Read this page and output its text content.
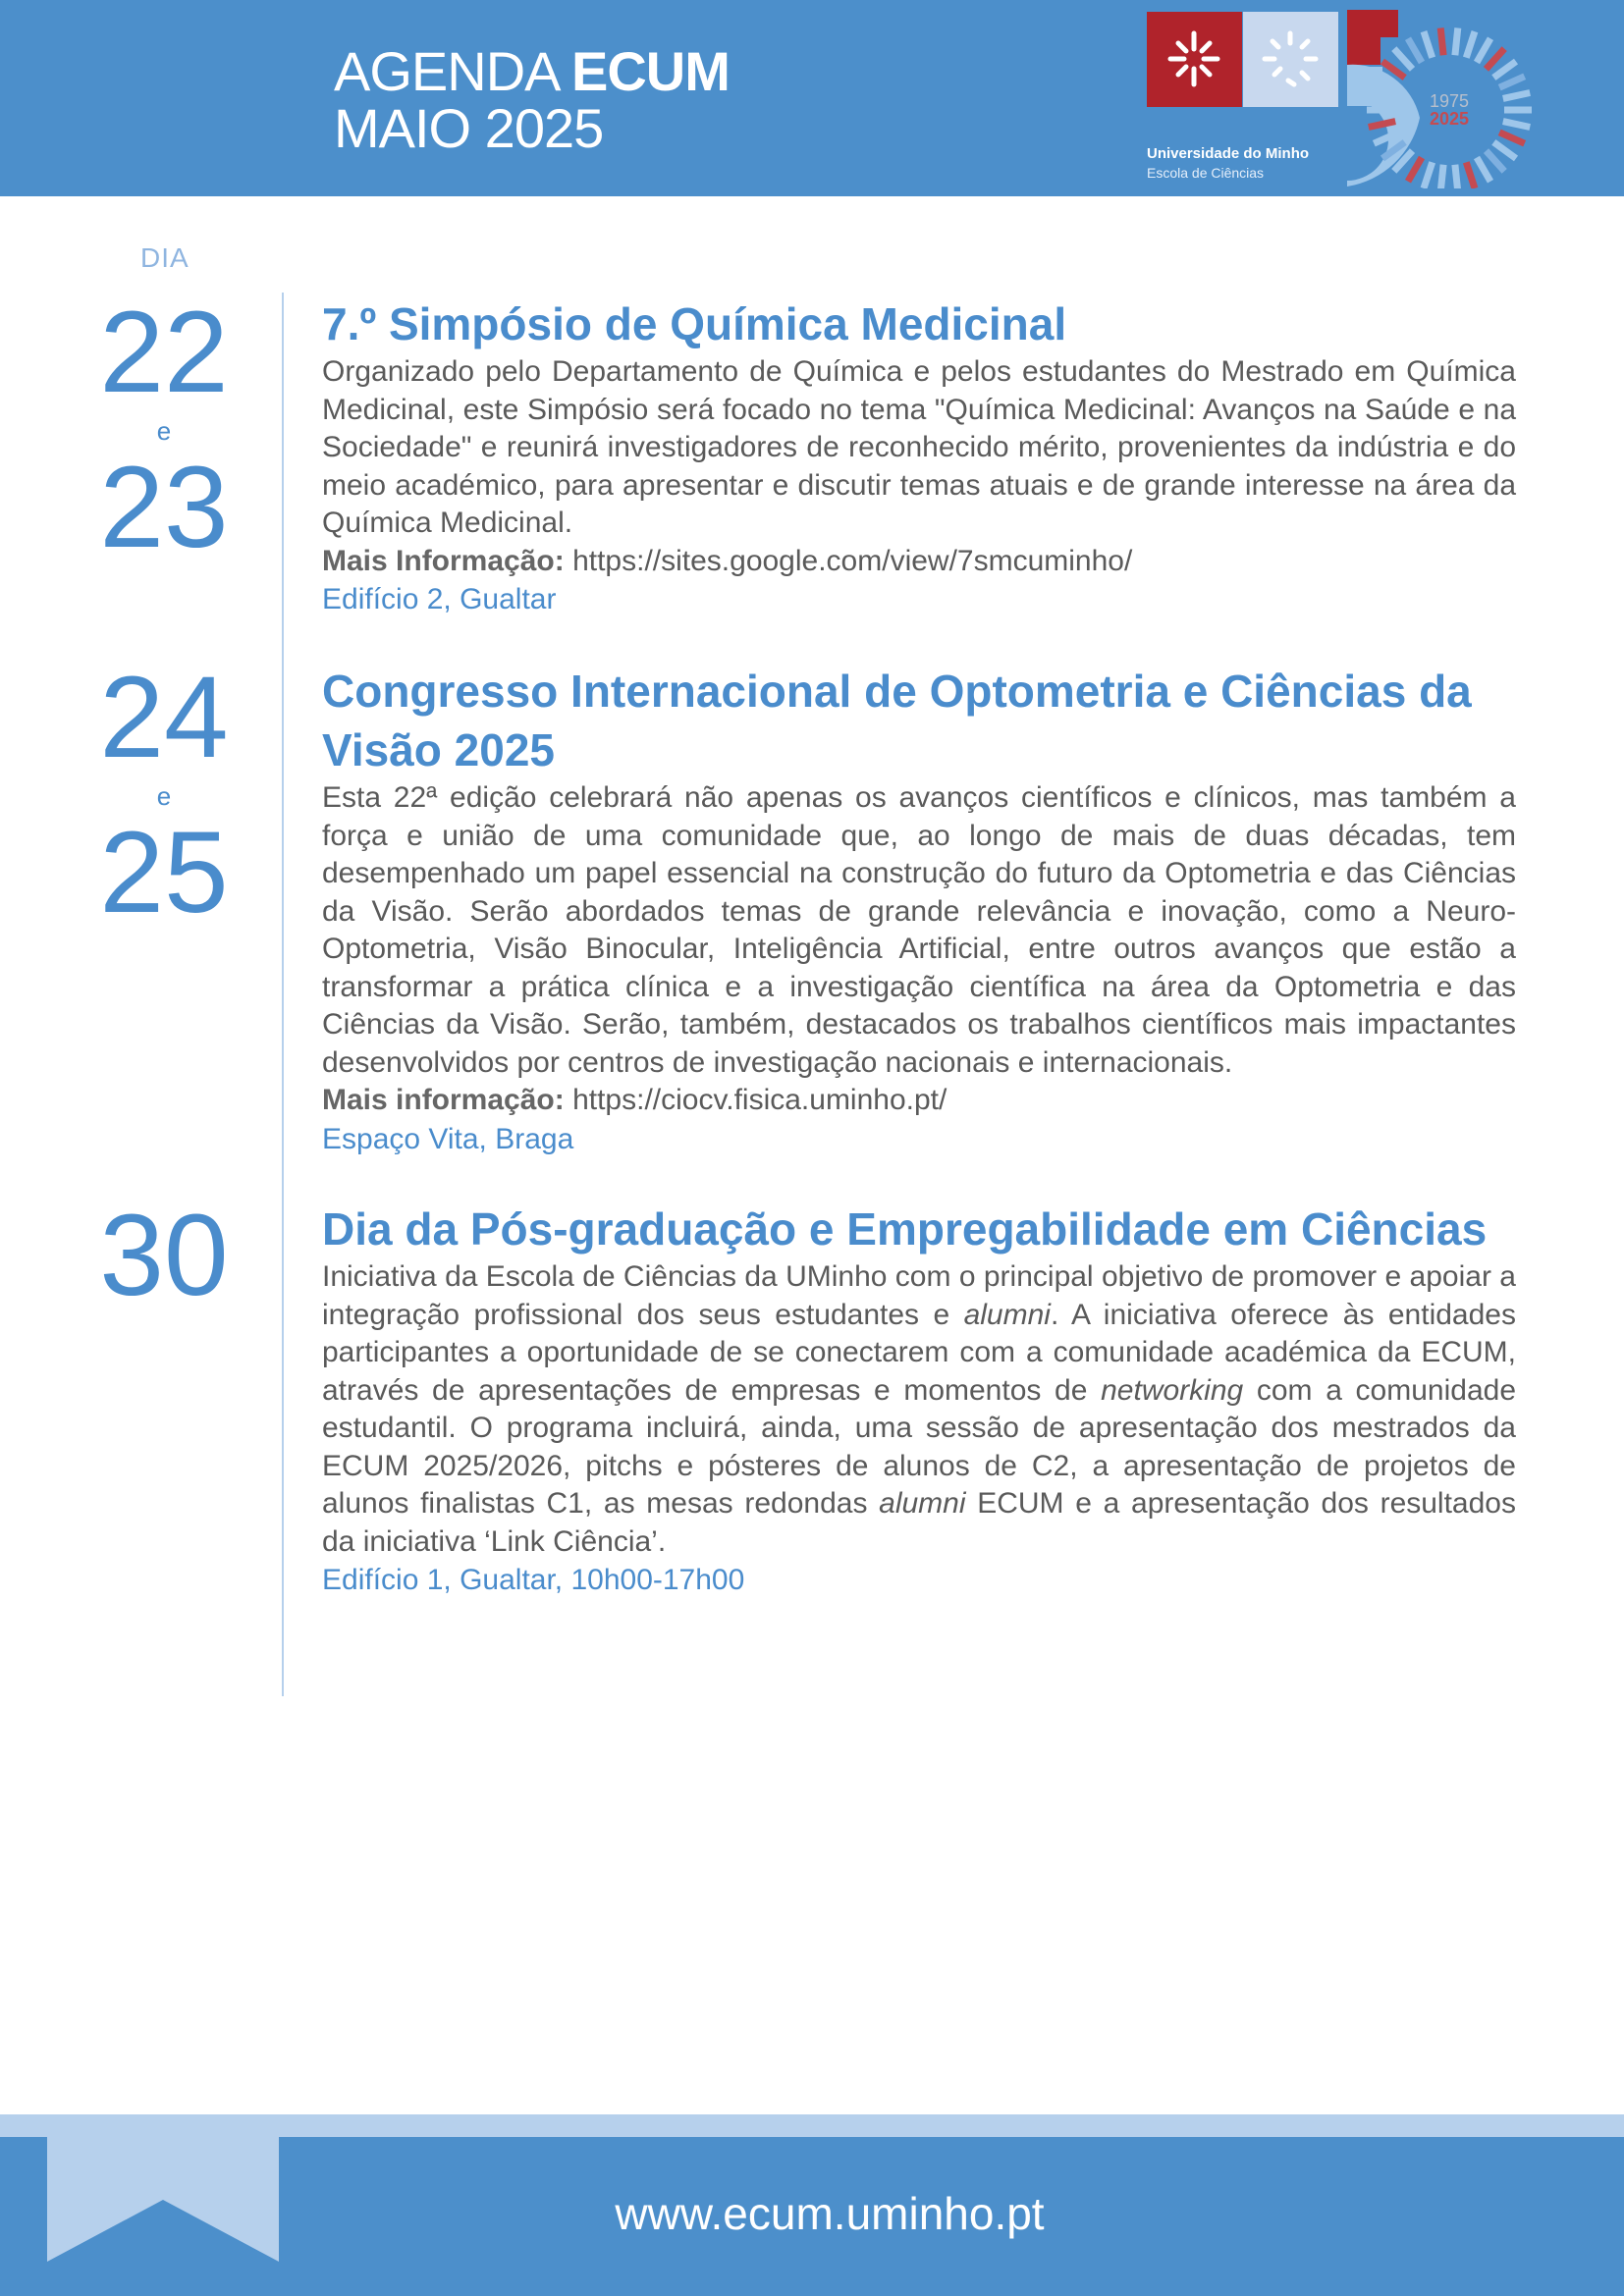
AGENDA ECUM
MAIO 2025	Universidade do Minho
Escola de Ciências
1975
2025
DIA
22
e
23
7.º Simpósio de Química Medicinal
Organizado pelo Departamento de Química e pelos estudantes do Mestrado em Química Medicinal, este Simpósio será focado no tema "Química Medicinal: Avanços na Saúde e na Sociedade" e reunirá investigadores de reconhecido mérito, provenientes da indústria e do meio académico, para apresentar e discutir temas atuais e de grande interesse na área da Química Medicinal.
Mais Informação: https://sites.google.com/view/7smcuminho/
Edifício 2, Gualtar
24
e
25
Congresso Internacional de Optometria e Ciências da Visão 2025
Esta 22ª edição celebrará não apenas os avanços científicos e clínicos, mas também a força e união de uma comunidade que, ao longo de mais de duas décadas, tem desempenhado um papel essencial na construção do futuro da Optometria e das Ciências da Visão. Serão abordados temas de grande relevância e inovação, como a Neuro-Optometria, Visão Binocular, Inteligência Artificial, entre outros avanços que estão a transformar a prática clínica e a investigação científica na área da Optometria e das Ciências da Visão. Serão, também, destacados os trabalhos científicos mais impactantes desenvolvidos por centros de investigação nacionais e internacionais.
Mais informação: https://ciocv.fisica.uminho.pt/
Espaço Vita, Braga
30	Dia da Pós-graduação e Empregabilidade em Ciências
Iniciativa da Escola de Ciências da UMinho com o principal objetivo de promover e apoiar a integração profissional dos seus estudantes e alumni. A iniciativa oferece às entidades participantes a oportunidade de se conectarem com a comunidade académica da ECUM, através de apresentações de empresas e momentos de networking com a comunidade estudantil. O programa incluirá, ainda, uma sessão de apresentação dos mestrados da ECUM 2025/2026, pitchs e pósteres de alunos de C2, a apresentação de projetos de alunos finalistas C1, as mesas redondas alumni ECUM e a apresentação dos resultados da iniciativa ‘Link Ciência’.
Edifício 1, Gualtar, 10h00-17h00
www.ecum.uminho.pt
